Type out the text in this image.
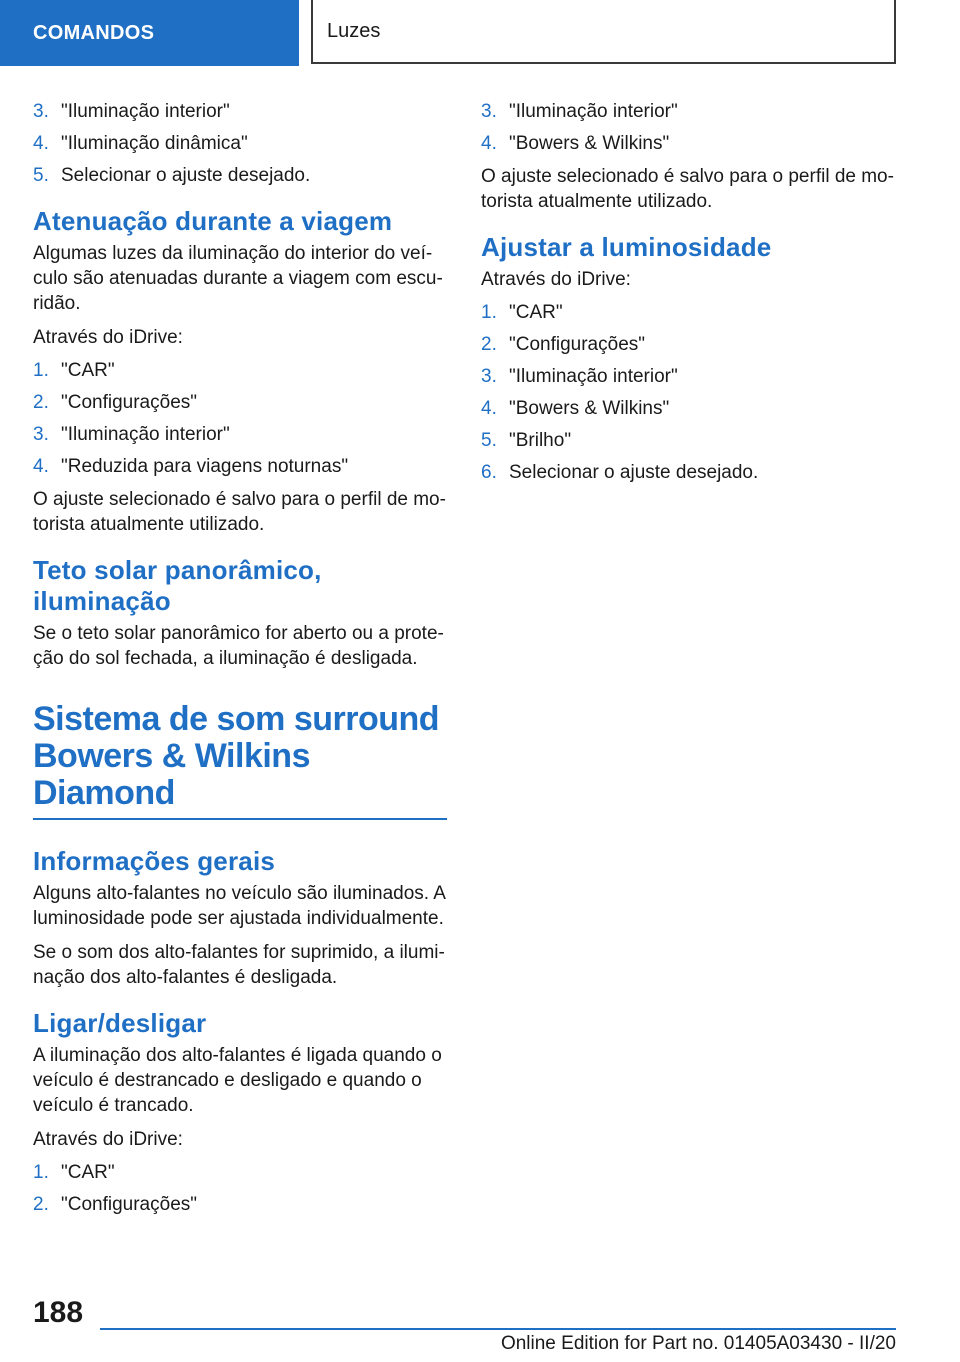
COMANDOS	Luzes
3. "Iluminação interior"
4. "Iluminação dinâmica"
5. Selecionar o ajuste desejado.
Atenuação durante a viagem

Algumas luzes da iluminação do interior do veículo são atenuadas durante a viagem com escuridão.

Através do iDrive:

1. "CAR"
2. "Configurações"
3. "Iluminação interior"
4. "Reduzida para viagens noturnas"

O ajuste selecionado é salvo para o perfil de motorista atualmente utilizado.

Teto solar panorâmico, iluminação

Se o teto solar panorâmico for aberto ou a proteção do sol fechada, a iluminação é desligada.

Sistema de som surround Bowers & Wilkins Diamond
Informações gerais

Alguns alto-falantes no veículo são iluminados. A luminosidade pode ser ajustada individualmente.

Se o som dos alto-falantes for suprimido, a iluminação dos alto-falantes é desligada.

Ligar/desligar

A iluminação dos alto-falantes é ligada quando o veículo é destrancado e desligado e quando o veículo é trancado.

Através do iDrive:

1. "CAR"
2. "Configurações"
3. "Iluminação interior"
4. "Bowers & Wilkins"

O ajuste selecionado é salvo para o perfil de motorista atualmente utilizado.

Ajustar a luminosidade

Através do iDrive:

1. "CAR"
2. "Configurações"
3. "Iluminação interior"
4. "Bowers & Wilkins"
5. "Brilho"
6. Selecionar o ajuste desejado.
188
Online Edition for Part no. 01405A03430 - II/20
